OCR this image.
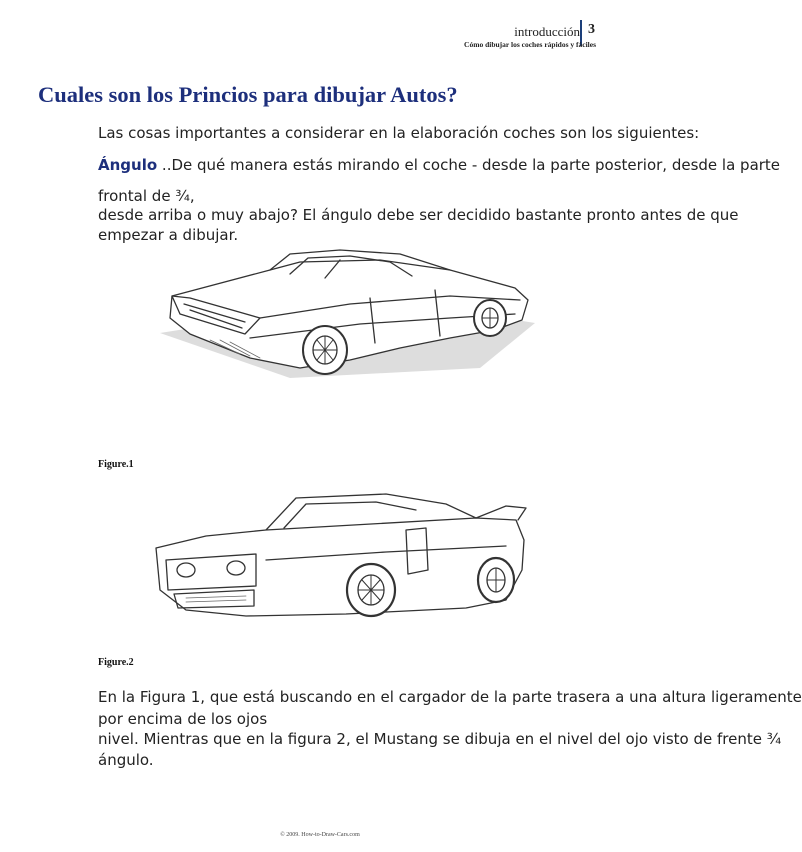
introducción 3
Cómo dibujar los coches rápidos y fáciles
Cuales son los Princios para dibujar Autos?
Las cosas importantes a considerar en la elaboración coches son los siguientes:
Ángulo ..De qué manera estás mirando el coche - desde la parte posterior, desde la parte
frontal de ¾,
desde arriba o muy abajo? El ángulo debe ser decidido bastante pronto antes de que
empezar a dibujar.
Figure.1
Figure.2
En la Figura 1, que está buscando en el cargador de la parte trasera a una altura ligeramente
por encima de los ojos
nivel. Mientras que en la figura 2, el Mustang se dibuja en el nivel del ojo visto de frente ¾
ángulo.
© 2009. How-to-Draw-Cars.com
